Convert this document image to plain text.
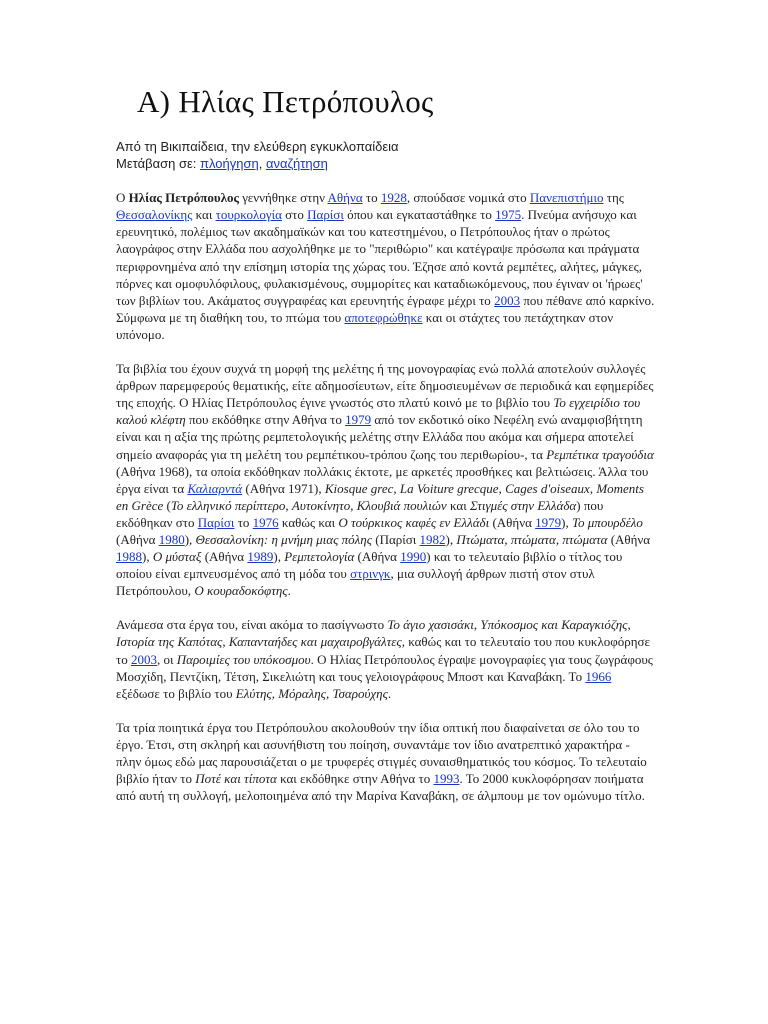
A) Ηλίας Πετρόπουλος
Από τη Βικιπαίδεια, την ελεύθερη εγκυκλοπαίδεια
Μετάβαση σε: πλοήγηση, αναζήτηση

Ο Ηλίας Πετρόπουλος γεννήθηκε στην Αθήνα το 1928, σπούδασε νομικά στο Πανεπιστήμιο της Θεσσαλονίκης και τουρκολογία στο Παρίσι όπου και εγκαταστάθηκε το 1975. Πνεύμα ανήσυχο και ερευνητικό, πολέμιος των ακαδημαϊκών και του κατεστημένου, ο Πετρόπουλος ήταν ο πρώτος λαογράφος στην Ελλάδα που ασχολήθηκε με το "περιθώριο" και κατέγραψε πρόσωπα και πράγματα περιφρονημένα από την επίσημη ιστορία της χώρας του. Έζησε από κοντά ρεμπέτες, αλήτες, μάγκες, πόρνες και ομοφυλόφιλους, φυλακισμένους, συμμορίτες και καταδιωκόμενους, που έγιναν οι 'ήρωες' των βιβλίων του. Ακάματος συγγραφέας και ερευνητής έγραφε μέχρι το 2003 που πέθανε από καρκίνο. Σύμφωνα με τη διαθήκη του, το πτώμα του αποτεφρώθηκε και οι στάχτες του πετάχτηκαν στον υπόνομο.

Τα βιβλία του έχουν συχνά τη μορφή της μελέτης ή της μονογραφίας ενώ πολλά αποτελούν συλλογές άρθρων παρεμφερούς θεματικής, είτε αδημοσίευτων, είτε δημοσιευμένων σε περιοδικά και εφημερίδες της εποχής. Ο Ηλίας Πετρόπουλος έγινε γνωστός στο πλατύ κοινό με το βιβλίο του Το εγχειρίδιο του καλού κλέφτη που εκδόθηκε στην Αθήνα το 1979 από τον εκδοτικό οίκο Νεφέλη ενώ αναμφισβήτητη είναι και η αξία της πρώτης ρεμπετολογικής μελέτης στην Ελλάδα που ακόμα και σήμερα αποτελεί σημείο αναφοράς για τη μελέτη του ρεμπέτικου-τρόπου ζωης του περιθωρίου-, τα Ρεμπέτικα τραγούδια (Αθήνα 1968), τα οποία εκδόθηκαν πολλάκις έκτοτε, με αρκετές προσθήκες και βελτιώσεις. Άλλα του έργα είναι τα Καλιαρντά (Αθήνα 1971), Kiosque grec, La Voiture grecque, Cages d'oiseaux, Moments en Grèce (Το ελληνικό περίπτερο, Αυτοκίνητο, Κλουβιά πουλιών και Στιγμές στην Ελλάδα) που εκδόθηκαν στο Παρίσι το 1976 καθώς και Ο τούρκικος καφές εν Ελλάδι (Αθήνα 1979), Το μπουρδέλο (Αθήνα 1980), Θεσσαλονίκη: η μνήμη μιας πόλης (Παρίσι 1982), Πτώματα, πτώματα, πτώματα (Αθήνα 1988), Ο μύσταξ (Αθήνα 1989), Ρεμπετολογία (Αθήνα 1990) και το τελευταίο βιβλίο ο τίτλος του οποίου είναι εμπνευσμένος από τη μόδα του στρινγκ, μια συλλογή άρθρων πιστή στον στυλ Πετρόπουλου, Ο κουραδοκόφτης.

Ανάμεσα στα έργα του, είναι ακόμα το πασίγνωστο Το άγιο χασισάκι, Υπόκοσμος και Καραγκιόζης, Ιστορία της Καπότας, Καπανταήδες και μαχαιροβγάλτες, καθώς και το τελευταίο του που κυκλοφόρησε το 2003, οι Παροιμίες του υπόκοσμου. Ο Ηλίας Πετρόπουλος έγραψε μονογραφίες για τους ζωγράφους Μοσχίδη, Πεντζίκη, Τέτση, Σικελιώτη και τους γελοιογράφους Μποστ και Καναβάκη. Το 1966 εξέδωσε το βιβλίο του Ελύτης, Μόραλης, Τσαρούχης.

Τα τρία ποιητικά έργα του Πετρόπουλου ακολουθούν την ίδια οπτική που διαφαίνεται σε όλο του το έργο. Έτσι, στη σκληρή και ασυνήθιστη του ποίηση, συναντάμε τον ίδιο ανατρεπτικό χαρακτήρα - πλην όμως εδώ μας παρουσιάζεται ο με τρυφερές στιγμές συναισθηματικός του κόσμος. Το τελευταίο βιβλίο ήταν το Ποτέ και τίποτα και εκδόθηκε στην Αθήνα το 1993. Το 2000 κυκλοφόρησαν ποιήματα από αυτή τη συλλογή, μελοποιημένα από την Μαρίνα Καναβάκη, σε άλμπουμ με τον ομώνυμο τίτλο.
